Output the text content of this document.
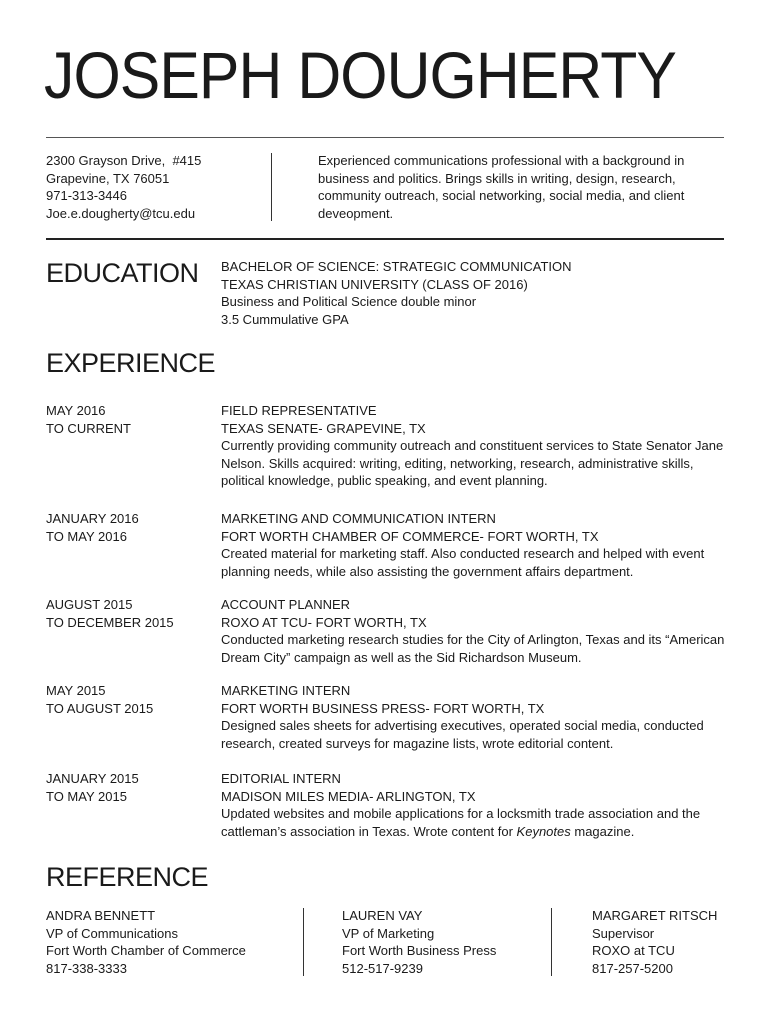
JOSEPH DOUGHERTY
2300 Grayson Drive,  #415
Grapevine, TX 76051
971-313-3446
Joe.e.dougherty@tcu.edu
Experienced communications professional with a background in business and politics. Brings skills in writing, design, research, community outreach, social networking, social media, and client deveopment.
EDUCATION BACHELOR OF SCIENCE: STRATEGIC COMMUNICATION
TEXAS CHRISTIAN UNIVERSITY (CLASS OF 2016)
Business and Political Science double minor
3.5 Cummulative GPA
EXPERIENCE
MAY 2016
TO CURRENT
FIELD REPRESENTATIVE
TEXAS SENATE- GRAPEVINE, TX
Currently providing community outreach and constituent services to State Senator Jane Nelson. Skills acquired: writing, editing, networking, research, administrative skills, political knowledge, public speaking, and event planning.
JANUARY 2016
TO MAY 2016
MARKETING AND COMMUNICATION INTERN
FORT WORTH CHAMBER OF COMMERCE- FORT WORTH, TX
Created material for marketing staff. Also conducted research and helped with event planning needs, while also assisting the government affairs department.
AUGUST 2015
TO DECEMBER 2015
ACCOUNT PLANNER
ROXO AT TCU- FORT WORTH, TX
Conducted marketing research studies for the City of Arlington, Texas and its “American Dream City” campaign as well as the Sid Richardson Museum.
MAY 2015
TO AUGUST 2015
MARKETING INTERN
FORT WORTH BUSINESS PRESS- FORT WORTH, TX
Designed sales sheets for advertising executives, operated social media, conducted research, created surveys for magazine lists, wrote editorial content.
JANUARY 2015
TO MAY 2015
EDITORIAL INTERN
MADISON MILES MEDIA- ARLINGTON, TX
Updated websites and mobile applications for a locksmith trade association and the cattleman’s association in Texas. Wrote content for Keynotes magazine.
REFERENCE
ANDRA BENNETT
VP of Communications
Fort Worth Chamber of Commerce
817-338-3333
LAUREN VAY
VP of Marketing
Fort Worth Business Press
512-517-9239
MARGARET RITSCH
Supervisor
ROXO at TCU
817-257-5200
